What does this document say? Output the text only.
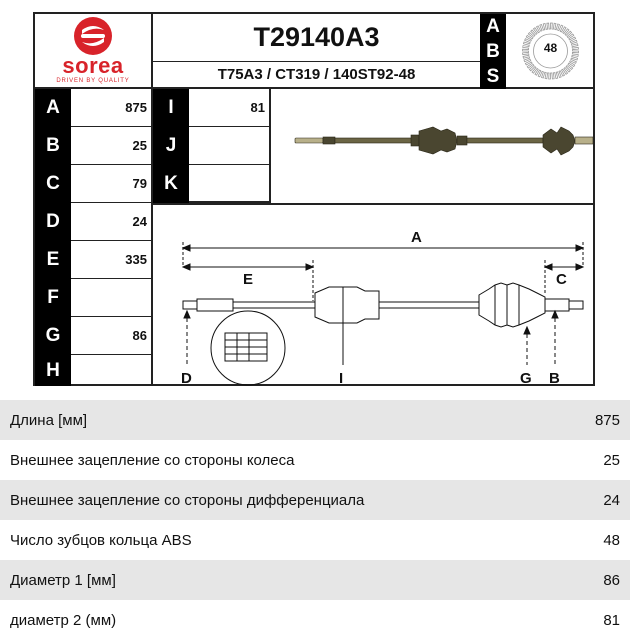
sorea
DRIVEN BY QUALITY
T29140A3
T75A3 / CT319 / 140ST92-48
A
B
S
48
A	875
B	25
C	79
D	24
E	335
F
G	86
H
I	81
J
K
A
E	C
D	I	G B
Длина [мм]	875
Внешнее зацепление со стороны колеса	25
Внешнее зацепление со стороны дифференциала	24
Число зубцов кольца ABS	48
Диаметр 1 [мм]	86
диаметр 2 (мм)	81
